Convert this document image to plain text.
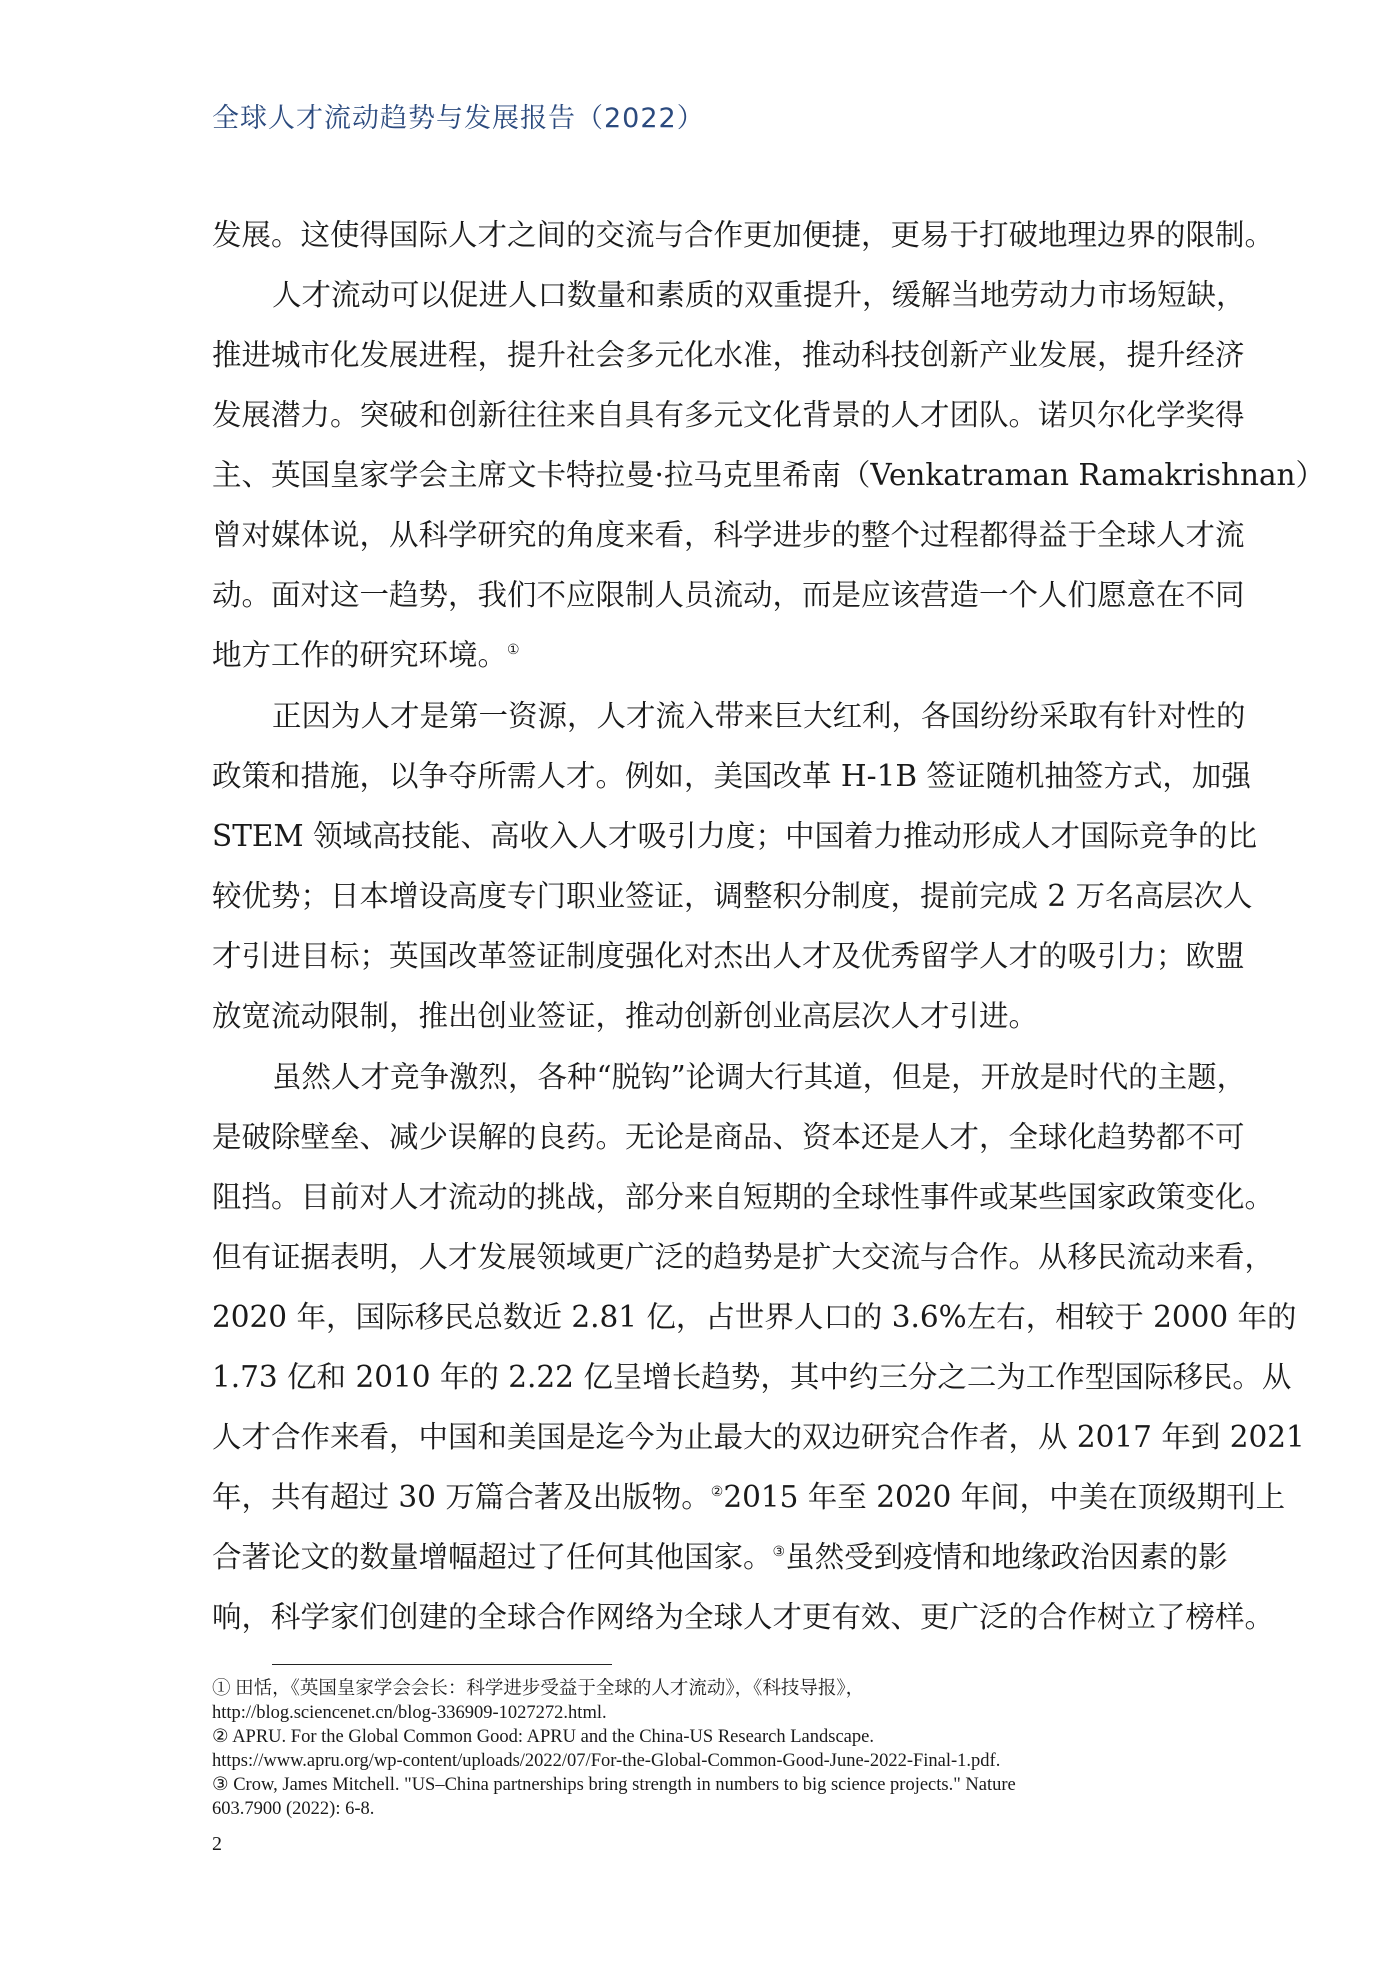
全球人才流动趋势与发展报告（2022）
发展。这使得国际人才之间的交流与合作更加便捷，更易于打破地理边界的限制。
人才流动可以促进人口数量和素质的双重提升，缓解当地劳动力市场短缺，
推进城市化发展进程，提升社会多元化水准，推动科技创新产业发展，提升经济
发展潜力。突破和创新往往来自具有多元文化背景的人才团队。诺贝尔化学奖得
主、英国皇家学会主席文卡特拉曼·拉马克里希南（Venkatraman Ramakrishnan）
曾对媒体说，从科学研究的角度来看，科学进步的整个过程都得益于全球人才流
动。面对这一趋势，我们不应限制人员流动，而是应该营造一个人们愿意在不同
地方工作的研究环境。①
正因为人才是第一资源，人才流入带来巨大红利，各国纷纷采取有针对性的
政策和措施，以争夺所需人才。例如，美国改革 H-1B 签证随机抽签方式，加强
STEM 领域高技能、高收入人才吸引力度；中国着力推动形成人才国际竞争的比
较优势；日本增设高度专门职业签证，调整积分制度，提前完成 2 万名高层次人
才引进目标；英国改革签证制度强化对杰出人才及优秀留学人才的吸引力；欧盟
放宽流动限制，推出创业签证，推动创新创业高层次人才引进。
虽然人才竞争激烈，各种“脱钩”论调大行其道，但是，开放是时代的主题，
是破除壁垒、减少误解的良药。无论是商品、资本还是人才，全球化趋势都不可
阻挡。目前对人才流动的挑战，部分来自短期的全球性事件或某些国家政策变化。
但有证据表明，人才发展领域更广泛的趋势是扩大交流与合作。从移民流动来看，
2020 年，国际移民总数近 2.81 亿，占世界人口的 3.6%左右，相较于 2000 年的
1.73 亿和 2010 年的 2.22 亿呈增长趋势，其中约三分之二为工作型国际移民。从
人才合作来看，中国和美国是迄今为止最大的双边研究合作者，从 2017 年到 2021
年，共有超过 30 万篇合著及出版物。②2015 年至 2020 年间，中美在顶级期刊上
合著论文的数量增幅超过了任何其他国家。③虽然受到疫情和地缘政治因素的影
响，科学家们创建的全球合作网络为全球人才更有效、更广泛的合作树立了榜样。
① 田恬，《英国皇家学会会长：科学进步受益于全球的人才流动》，《科技导报》，
http://blog.sciencenet.cn/blog-336909-1027272.html.
② APRU. For the Global Common Good: APRU and the China-US Research Landscape.
https://www.apru.org/wp-content/uploads/2022/07/For-the-Global-Common-Good-June-2022-Final-1.pdf.
③ Crow, James Mitchell. "US–China partnerships bring strength in numbers to big science projects." Nature
603.7900 (2022): 6-8.
2
